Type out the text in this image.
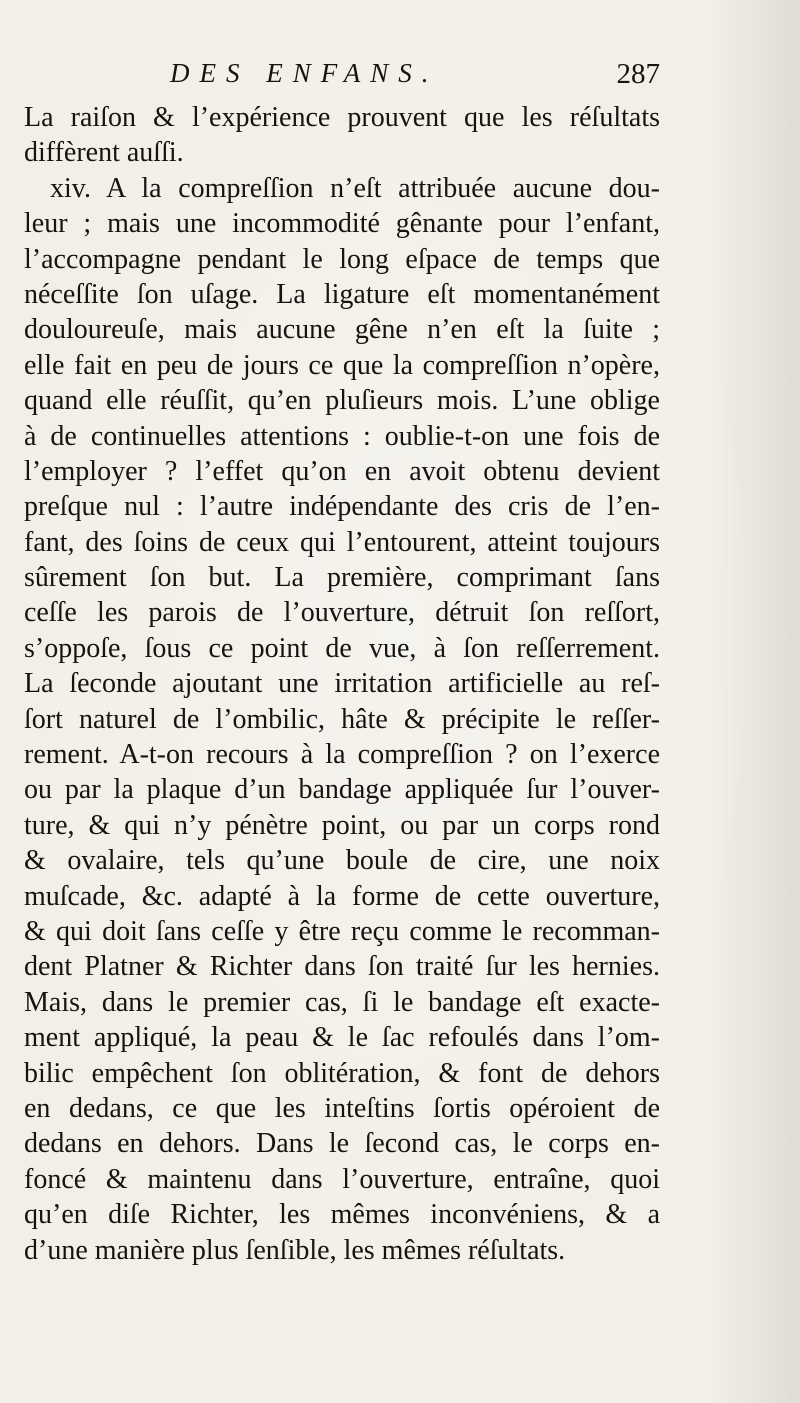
DES ENFANS.	287
La raiſon & l’expérience prouvent que les réſultats
diffèrent auſſi.
xiv. A la compreſſion n’eſt attribuée aucune dou-
leur ; mais une incommodité gênante pour l’enfant,
l’accompagne pendant le long eſpace de temps que
néceſſite ſon uſage. La ligature eſt momentanément
douloureuſe, mais aucune gêne n’en eſt la ſuite ;
elle fait en peu de jours ce que la compreſſion n’opère,
quand elle réuſſit, qu’en pluſieurs mois. L’une oblige
à de continuelles attentions : oublie-t-on une fois de
l’employer ? l’effet qu’on en avoit obtenu devient
preſque nul : l’autre indépendante des cris de l’en-
fant, des ſoins de ceux qui l’entourent, atteint toujours
sûrement ſon but. La première, comprimant ſans
ceſſe les parois de l’ouverture, détruit ſon reſſort,
s’oppoſe, ſous ce point de vue, à ſon reſſerrement.
La ſeconde ajoutant une irritation artificielle au reſ-
ſort naturel de l’ombilic, hâte & précipite le reſſer-
rement. A-t-on recours à la compreſſion ? on l’exerce
ou par la plaque d’un bandage appliquée ſur l’ouver-
ture, & qui n’y pénètre point, ou par un corps rond
& ovalaire, tels qu’une boule de cire, une noix
muſcade, &c. adapté à la forme de cette ouverture,
& qui doit ſans ceſſe y être reçu comme le recomman-
dent Platner & Richter dans ſon traité ſur les hernies.
Mais, dans le premier cas, ſi le bandage eſt exacte-
ment appliqué, la peau & le ſac refoulés dans l’om-
bilic empêchent ſon oblitération, & font de dehors
en dedans, ce que les inteſtins ſortis opéroient de
dedans en dehors. Dans le ſecond cas, le corps en-
foncé & maintenu dans l’ouverture, entraîne, quoi
qu’en diſe Richter, les mêmes inconvéniens, & a
d’une manière plus ſenſible, les mêmes réſultats.
